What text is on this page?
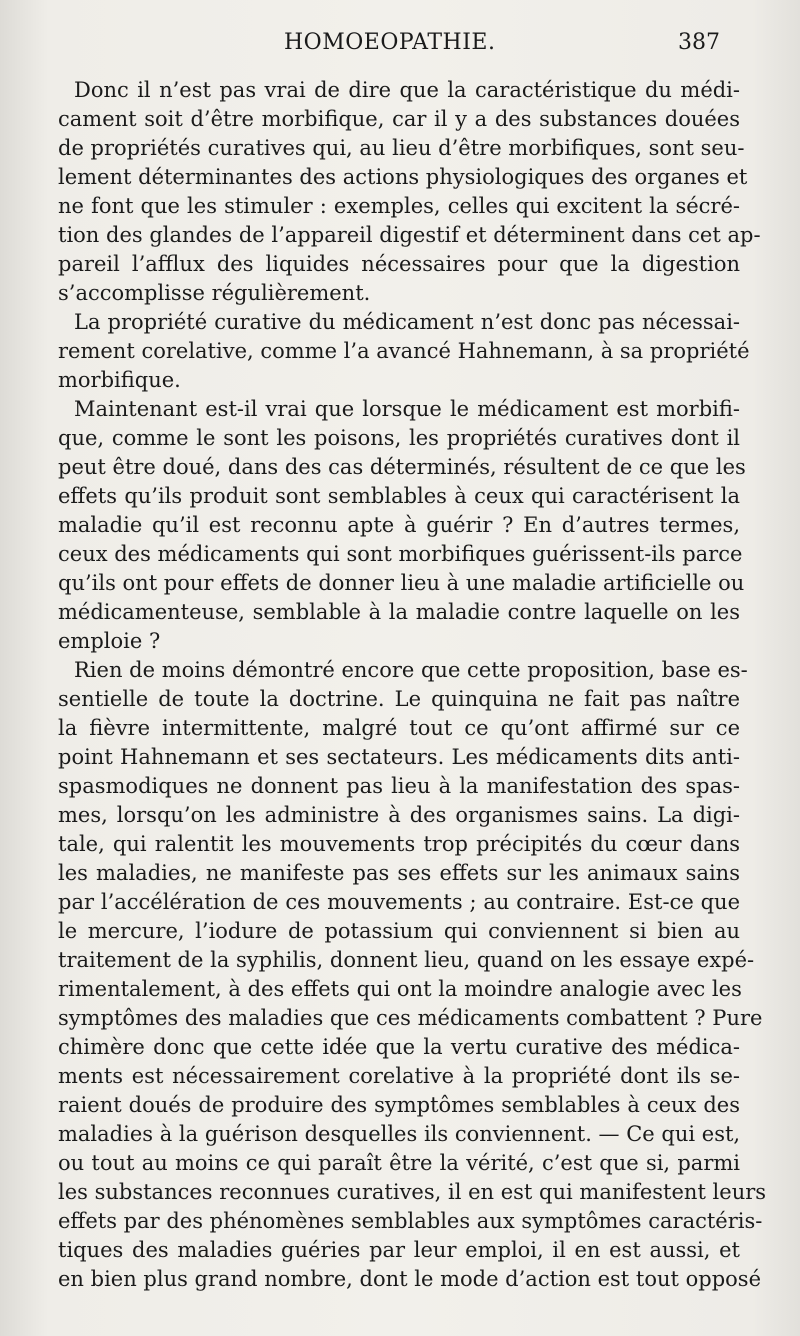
HOMOEOPATHIE.	387
Donc il n’est pas vrai de dire que la caractéristique du médi-
cament soit d’être morbifique, car il y a des substances douées
de propriétés curatives qui, au lieu d’être morbifiques, sont seu-
lement déterminantes des actions physiologiques des organes et
ne font que les stimuler : exemples, celles qui excitent la sécré-
tion des glandes de l’appareil digestif et déterminent dans cet ap-
pareil l’afflux des liquides nécessaires pour que la digestion
s’accomplisse régulièrement.
La propriété curative du médicament n’est donc pas nécessai-
rement corelative, comme l’a avancé Hahnemann, à sa propriété
morbifique.
Maintenant est-il vrai que lorsque le médicament est morbifi-
que, comme le sont les poisons, les propriétés curatives dont il
peut être doué, dans des cas déterminés, résultent de ce que les
effets qu’ils produit sont semblables à ceux qui caractérisent la
maladie qu’il est reconnu apte à guérir ? En d’autres termes,
ceux des médicaments qui sont morbifiques guérissent-ils parce
qu’ils ont pour effets de donner lieu à une maladie artificielle ou
médicamenteuse, semblable à la maladie contre laquelle on les
emploie ?
Rien de moins démontré encore que cette proposition, base es-
sentielle de toute la doctrine. Le quinquina ne fait pas naître
la fièvre intermittente, malgré tout ce qu’ont affirmé sur ce
point Hahnemann et ses sectateurs. Les médicaments dits anti-
spasmodiques ne donnent pas lieu à la manifestation des spas-
mes, lorsqu’on les administre à des organismes sains. La digi-
tale, qui ralentit les mouvements trop précipités du cœur dans
les maladies, ne manifeste pas ses effets sur les animaux sains
par l’accélération de ces mouvements ; au contraire. Est-ce que
le mercure, l’iodure de potassium qui conviennent si bien au
traitement de la syphilis, donnent lieu, quand on les essaye expé-
rimentalement, à des effets qui ont la moindre analogie avec les
symptômes des maladies que ces médicaments combattent ? Pure
chimère donc que cette idée que la vertu curative des médica-
ments est nécessairement corelative à la propriété dont ils se-
raient doués de produire des symptômes semblables à ceux des
maladies à la guérison desquelles ils conviennent. — Ce qui est,
ou tout au moins ce qui paraît être la vérité, c’est que si, parmi
les substances reconnues curatives, il en est qui manifestent leurs
effets par des phénomènes semblables aux symptômes caractéris-
tiques des maladies guéries par leur emploi, il en est aussi, et
en bien plus grand nombre, dont le mode d’action est tout opposé
